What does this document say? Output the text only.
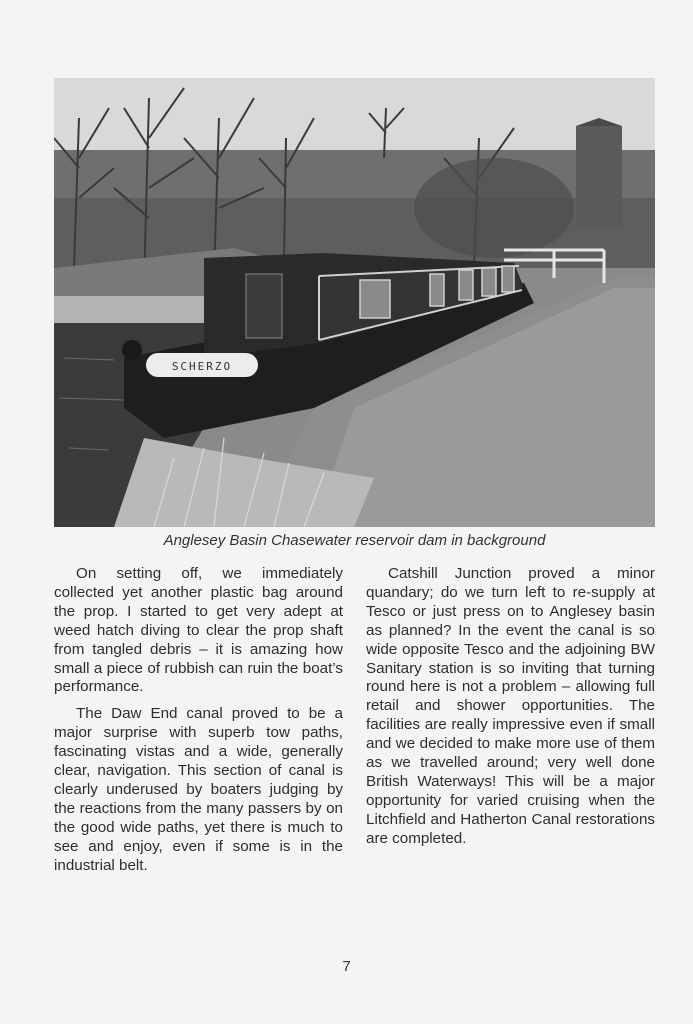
SCHERZO
Anglesey Basin Chasewater reservoir dam in background

On setting off, we immediately collected yet another plastic bag around the prop. I started to get very adept at weed hatch diving to clear the prop shaft from tangled debris – it is amazing how small a piece of rubbish can ruin the boat’s performance.

The Daw End canal proved to be a major surprise with superb tow paths, fascinating vistas and a wide, generally clear, navigation. This section of canal is clearly underused by boaters judging by the reactions from the many passers by on the good wide paths, yet there is much to see and enjoy, even if some is in the industrial belt.

Catshill Junction proved a minor quandary; do we turn left to re-supply at Tesco or just press on to Anglesey basin as planned? In the event the canal is so wide opposite Tesco and the adjoining BW Sanitary station is so inviting that turning round here is not a problem – allowing full retail and shower opportunities. The facilities are really impressive even if small and we decided to make more use of them as we travelled around; very well done British Waterways! This will be a major opportunity for varied cruising when the Litchfield and Hatherton Canal restorations are completed.

7
